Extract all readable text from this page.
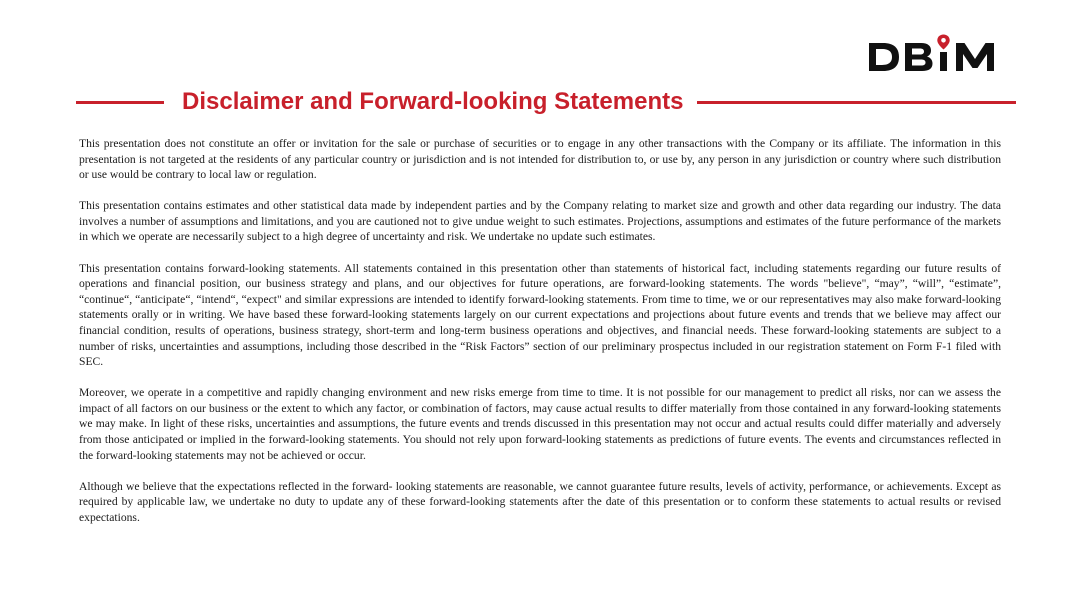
Disclaimer and Forward-looking Statements

This presentation does not constitute an offer or invitation for the sale or purchase of securities or to engage in any other transactions with the Company or its affiliate. The information in this presentation is not targeted at the residents of any particular country or jurisdiction and is not intended for distribution to, or use by, any person in any jurisdiction or country where such distribution or use would be contrary to local law or regulation.

This presentation contains estimates and other statistical data made by independent parties and by the Company relating to market size and growth and other data regarding our industry. The data involves a number of assumptions and limitations, and you are cautioned not to give undue weight to such estimates. Projections, assumptions and estimates of the future performance of the markets in which we operate are necessarily subject to a high degree of uncertainty and risk. We undertake no update such estimates.

This presentation contains forward-looking statements. All statements contained in this presentation other than statements of historical fact, including statements regarding our future results of operations and financial position, our business strategy and plans, and our objectives for future operations, are forward-looking statements. The words "believe", “may”, “will”, “estimate”, “continue“, “anticipate“, “intend“, “expect" and similar expressions are intended to identify forward-looking statements. From time to time, we or our representatives may also make forward-looking statements orally or in writing. We have based these forward-looking statements largely on our current expectations and projections about future events and trends that we believe may affect our financial condition, results of operations, business strategy, short-term and long-term business operations and objectives, and financial needs. These forward-looking statements are subject to a number of risks, uncertainties and assumptions, including those described in the “Risk Factors” section of our preliminary prospectus included in our registration statement on Form F-1 filed with SEC.

Moreover, we operate in a competitive and rapidly changing environment and new risks emerge from time to time. It is not possible for our management to predict all risks, nor can we assess the impact of all factors on our business or the extent to which any factor, or combination of factors, may cause actual results to differ materially from those contained in any forward-looking statements we may make. In light of these risks, uncertainties and assumptions, the future events and trends discussed in this presentation may not occur and actual results could differ materially and adversely from those anticipated or implied in the forward-looking statements. You should not rely upon forward-looking statements as predictions of future events. The events and circumstances reflected in the forward-looking statements may not be achieved or occur.

Although we believe that the expectations reflected in the forward- looking statements are reasonable, we cannot guarantee future results, levels of activity, performance, or achievements. Except as required by applicable law, we undertake no duty to update any of these forward-looking statements after the date of this presentation or to conform these statements to actual results or revised expectations.
